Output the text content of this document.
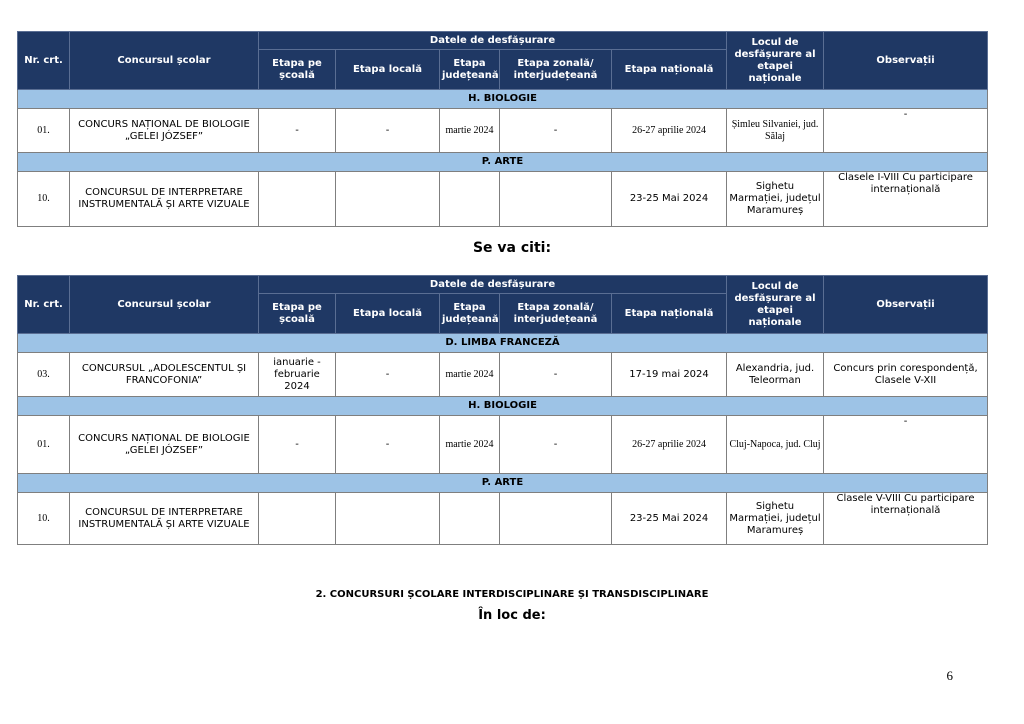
Nr. crt.	Concursul școlar	Datele de desfășurare					Locul de desfășurare al etapei naționale	Observații
		Etapa pe școală	Etapa locală	Etapa județeană	Etapa zonală/ interjudețeană	Etapa națională		
H. BIOLOGIE								
01.	CONCURS NAȚIONAL DE BIOLOGIE „GELEI JÓZSEF”	-	-	martie 2024	-	26-27 aprilie 2024	Șimleu Silvaniei, jud. Sălaj	-
P. ARTE								
10.	CONCURSUL DE INTERPRETARE INSTRUMENTALĂ ȘI ARTE VIZUALE					23-25 Mai 2024	Sighetu Marmației, județul Maramureș	Clasele I-VIII Cu participare internațională
Se va citi:
Nr. crt.	Concursul școlar	Datele de desfășurare					Locul de desfășurare al etapei naționale	Observații
		Etapa pe școală	Etapa locală	Etapa județeană	Etapa zonală/ interjudețeană	Etapa națională		
D. LIMBA FRANCEZĂ								
03.	CONCURSUL „ADOLESCENTUL ȘI FRANCOFONIA”	ianuarie - februarie 2024	-	martie 2024	-	17-19 mai 2024	Alexandria, jud. Teleorman	Concurs prin corespondență, Clasele V-XII
H. BIOLOGIE								
01.	CONCURS NAȚIONAL DE BIOLOGIE „GELEI JÓZSEF”	-	-	martie 2024	-	26-27 aprilie 2024	Cluj-Napoca, jud. Cluj	-
P. ARTE								
10.	CONCURSUL DE INTERPRETARE INSTRUMENTALĂ ȘI ARTE VIZUALE					23-25 Mai 2024	Sighetu Marmației, județul Maramureș	Clasele V-VIII Cu participare internațională
2. CONCURSURI ȘCOLARE INTERDISCIPLINARE ȘI TRANSDISCIPLINARE
În loc de:
6
